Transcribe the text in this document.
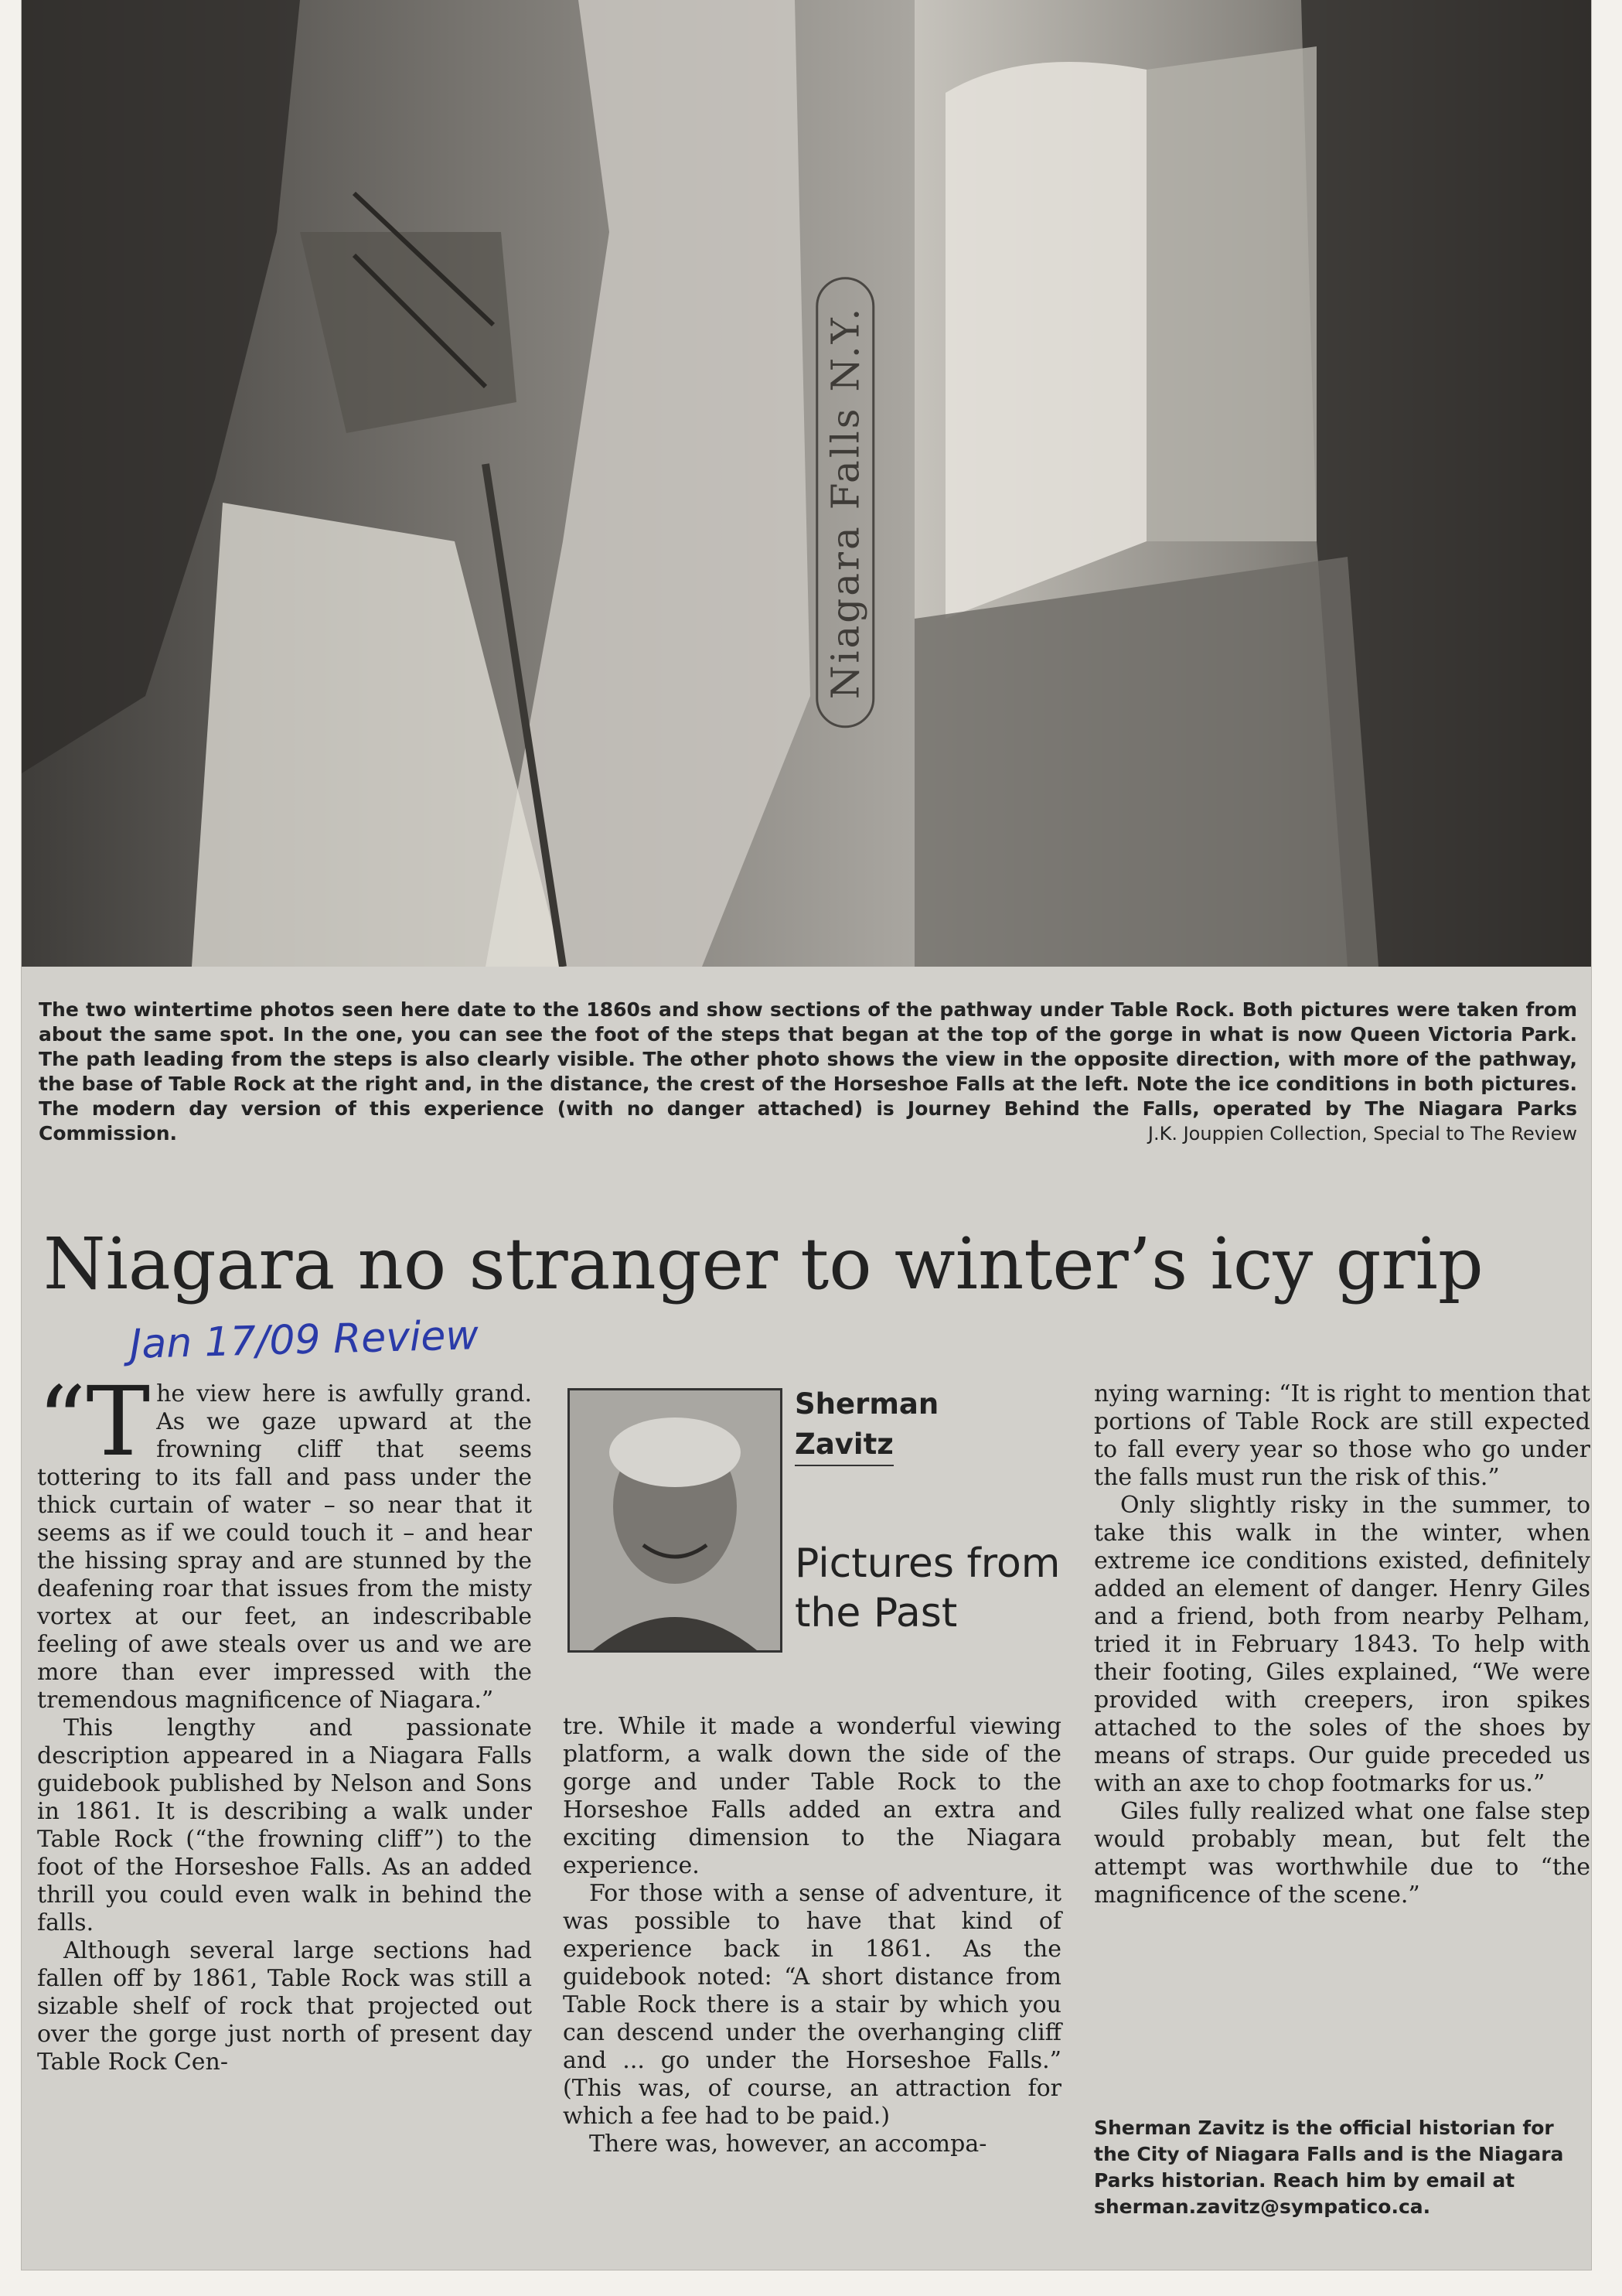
Niagara Falls N.Y.
The two wintertime photos seen here date to the 1860s and show sections of the pathway under Table Rock. Both pictures were taken from about the same spot. In the one, you can see the foot of the steps that began at the top of the gorge in what is now Queen Victoria Park. The path leading from the steps is also clearly visible. The other photo shows the view in the opposite direction, with more of the pathway, the base of Table Rock at the right and, in the distance, the crest of the Horseshoe Falls at the left. Note the ice conditions in both pictures. The modern day version of this experience (with no danger attached) is Journey Behind the Falls, operated by The Niagara Parks Commission.	J.K. Jouppien Collection, Special to The Review
Niagara no stranger to winter’s icy grip
Jan 17/09 Review

“The view here is awfully grand. As we gaze upward at the frowning cliff that seems tottering to its fall and pass under the thick curtain of water – so near that it seems as if we could touch it – and hear the hissing spray and are stunned by the deafening roar that issues from the misty vortex at our feet, an indescribable feeling of awe steals over us and we are more than ever impressed with the tremendous magnificence of Niagara.”

This lengthy and passionate description appeared in a Niagara Falls guidebook published by Nelson and Sons in 1861. It is describing a walk under Table Rock (“the frowning cliff”) to the foot of the Horseshoe Falls. As an added thrill you could even walk in behind the falls.

Although several large sections had fallen off by 1861, Table Rock was still a sizable shelf of rock that projected out over the gorge just north of present day Table Rock Cen-

Sherman
Zavitz
Pictures from
the Past

tre. While it made a wonderful viewing platform, a walk down the side of the gorge and under Table Rock to the Horseshoe Falls added an extra and exciting dimension to the Niagara experience.

For those with a sense of adventure, it was possible to have that kind of experience back in 1861. As the guidebook noted: “A short distance from Table Rock there is a stair by which you can descend under the overhanging cliff and ... go under the Horseshoe Falls.” (This was, of course, an attraction for which a fee had to be paid.)

There was, however, an accompa-

nying warning: “It is right to mention that portions of Table Rock are still expected to fall every year so those who go under the falls must run the risk of this.”

Only slightly risky in the summer, to take this walk in the winter, when extreme ice conditions existed, definitely added an element of danger. Henry Giles and a friend, both from nearby Pelham, tried it in February 1843. To help with their footing, Giles explained, “We were provided with creepers, iron spikes attached to the soles of the shoes by means of straps. Our guide preceded us with an axe to chop footmarks for us.”

Giles fully realized what one false step would probably mean, but felt the attempt was worthwhile due to “the magnificence of the scene.”

Sherman Zavitz is the official historian for the City of Niagara Falls and is the Niagara Parks historian. Reach him by email at sherman.zavitz@sympatico.ca.
